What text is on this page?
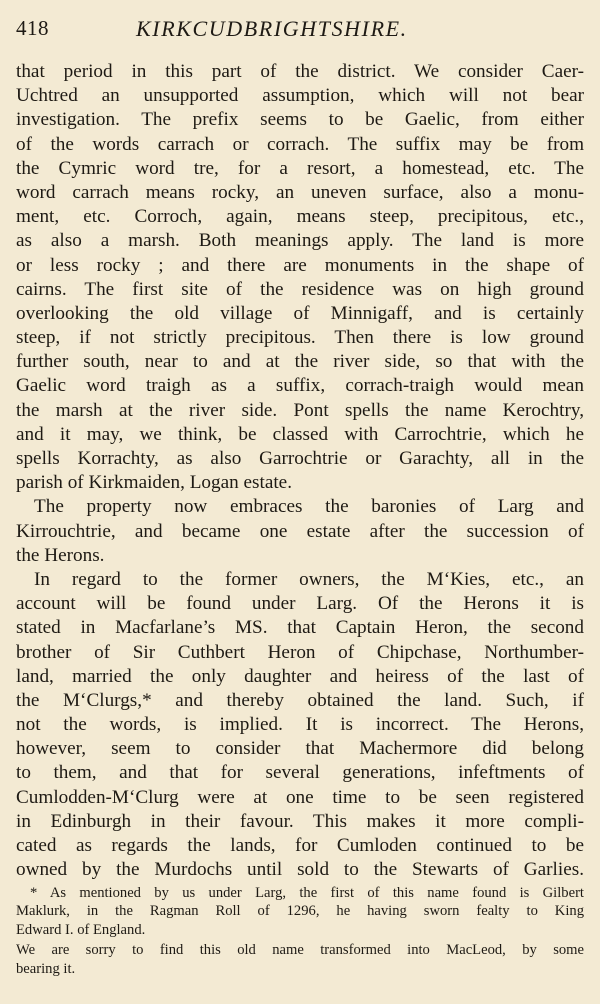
418	KIRKCUDBRIGHTSHIRE.
that period in this part of the district. We consider Caer-
Uchtred an unsupported assumption, which will not bear
investigation. The prefix seems to be Gaelic, from either
of the words carrach or corrach. The suffix may be from
the Cymric word tre, for a resort, a homestead, etc. The
word carrach means rocky, an uneven surface, also a monu-
ment, etc. Corroch, again, means steep, precipitous, etc.,
as also a marsh. Both meanings apply. The land is more
or less rocky ; and there are monuments in the shape of
cairns. The first site of the residence was on high ground
overlooking the old village of Minnigaff, and is certainly
steep, if not strictly precipitous. Then there is low ground
further south, near to and at the river side, so that with the
Gaelic word traigh as a suffix, corrach-traigh would mean
the marsh at the river side. Pont spells the name Kerochtry,
and it may, we think, be classed with Carrochtrie, which he
spells Korrachty, as also Garrochtrie or Garachty, all in the
parish of Kirkmaiden, Logan estate.
The property now embraces the baronies of Larg and
Kirrouchtrie, and became one estate after the succession of
the Herons.
In regard to the former owners, the M‘Kies, etc., an
account will be found under Larg. Of the Herons it is
stated in Macfarlane’s MS. that Captain Heron, the second
brother of Sir Cuthbert Heron of Chipchase, Northumber-
land, married the only daughter and heiress of the last of
the M‘Clurgs,* and thereby obtained the land. Such, if
not the words, is implied. It is incorrect. The Herons,
however, seem to consider that Machermore did belong
to them, and that for several generations, infeftments of
Cumlodden-M‘Clurg were at one time to be seen registered
in Edinburgh in their favour. This makes it more compli-
cated as regards the lands, for Cumloden continued to be
owned by the Murdochs until sold to the Stewarts of Garlies.
* As mentioned by us under Larg, the first of this name found is Gilbert
Maklurk, in the Ragman Roll of 1296, he having sworn fealty to King
Edward I. of England.
We are sorry to find this old name transformed into MacLeod, by some
bearing it.
